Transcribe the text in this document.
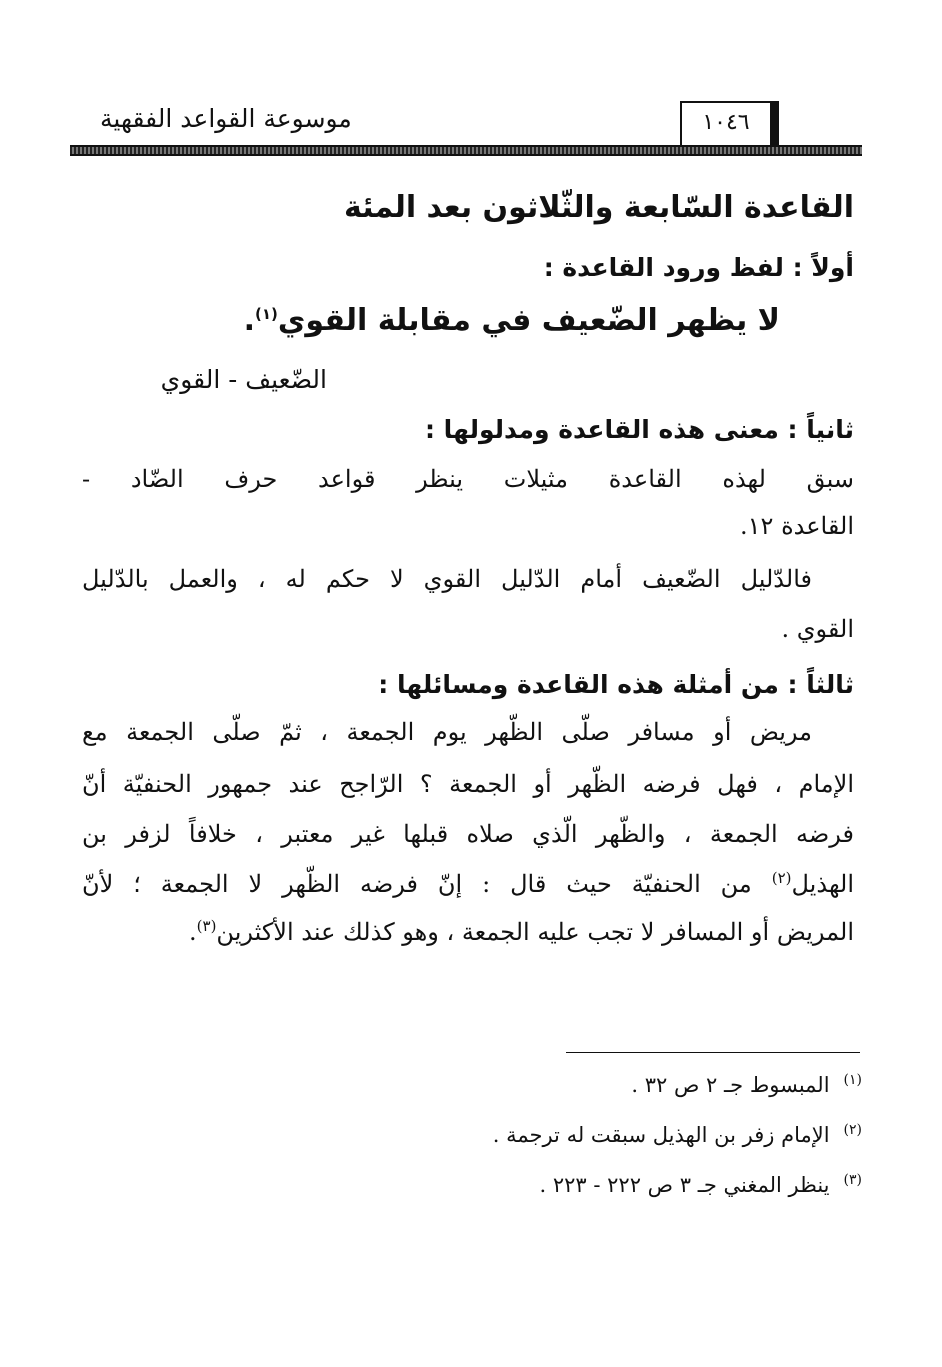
موسوعة القواعد الفقهية	١٠٤٦
القاعدة السّابعة والثّلاثون بعد المئة
أولاً : لفظ ورود القاعدة :
لا يظهر الضّعيف في مقابلة القوي$^{(١)}$.
الضّعيف - القوي
ثانياً : معنى هذه القاعدة ومدلولها :
سبق لهذه القاعدة مثيلات ينظر قواعد حرف الضّاد -
القاعدة ١٢.
فالدّليل الضّعيف أمام الدّليل القوي لا حكم له ، والعمل بالدّليل
القوي .
ثالثاً : من أمثلة هذه القاعدة ومسائلها :
مريض أو مسافر صلّى الظّهر يوم الجمعة ، ثمّ صلّى الجمعة مع
الإمام ، فهل فرضه الظّهر أو الجمعة ؟ الرّاجح عند جمهور الحنفيّة أنّ
فرضه الجمعة ، والظّهر الّذي صلاه قبلها غير معتبر ، خلافاً لزفر بن
الهذيل$^{(٢)}$ من الحنفيّة حيث قال : إنّ فرضه الظّهر لا الجمعة ؛ لأنّ
المريض أو المسافر لا تجب عليه الجمعة ، وهو كذلك عند الأكثرين$^{(٣)}$.
$^{(١)}$المبسوط جـ ٢ ص ٣٢ .
$^{(٢)}$الإمام زفر بن الهذيل سبقت له ترجمة .
$^{(٣)}$ينظر المغني جـ ٣ ص ٢٢٢ - ٢٢٣ .
